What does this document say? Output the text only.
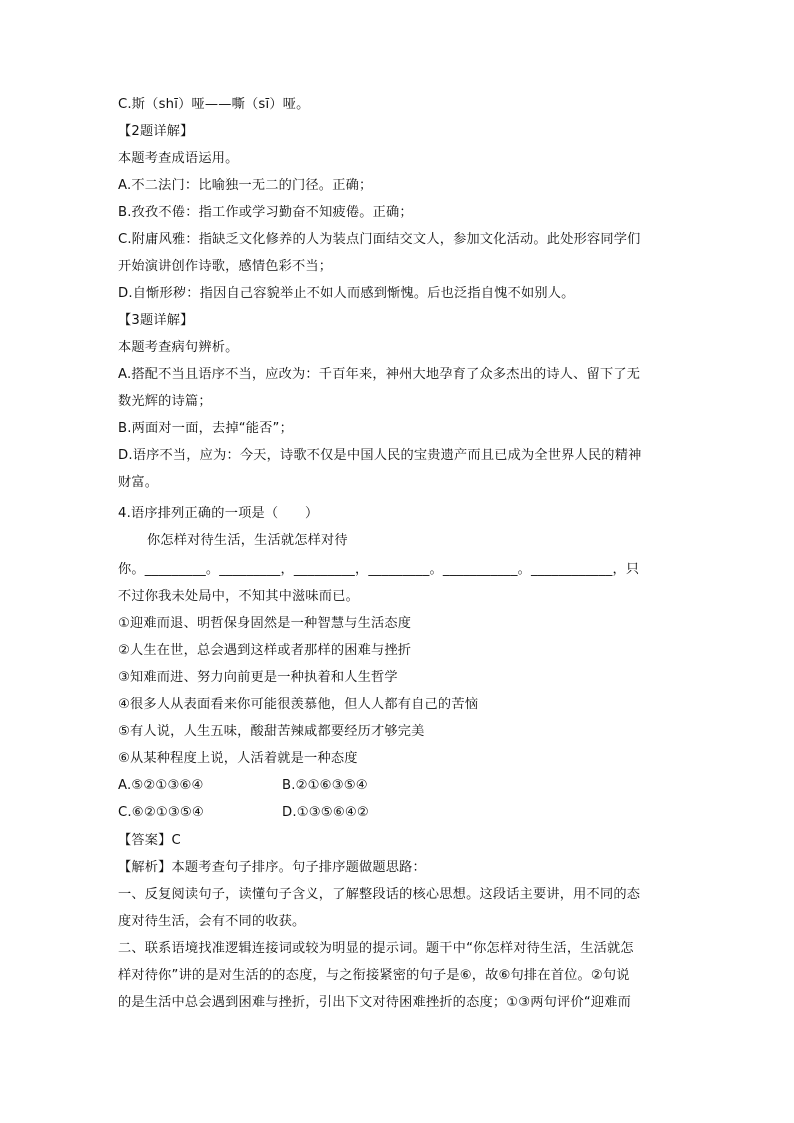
C.斯（shī）哑——嘶（sī）哑。
【2题详解】
本题考查成语运用。
A.不二法门：比喻独一无二的门径。正确；
B.孜孜不倦：指工作或学习勤奋不知疲倦。正确；
C.附庸风雅：指缺乏文化修养的人为装点门面结交文人，参加文化活动。此处形容同学们
开始演讲创作诗歌，感情色彩不当；
D.自惭形秽：指因自己容貌举止不如人而感到惭愧。后也泛指自愧不如别人。
【3题详解】
本题考查病句辨析。
A.搭配不当且语序不当，应改为：千百年来，神州大地孕育了众多杰出的诗人、留下了无
数光辉的诗篇；
B.两面对一面，去掉“能否”；
D.语序不当，应为：今天，诗歌不仅是中国人民的宝贵遗产而且已成为全世界人民的精神
财富。
4.语序排列正确的一项是（　　）
你怎样对待生活，生活就怎样对待
你。_________。_________，_________，_________。___________。____________，只
不过你我未处局中，不知其中滋味而已。
①迎难而退、明哲保身固然是一种智慧与生活态度
②人生在世，总会遇到这样或者那样的困难与挫折
③知难而进、努力向前更是一种执着和人生哲学
④很多人从表面看来你可能很羡慕他，但人人都有自己的苦恼
⑤有人说，人生五味，酸甜苦辣咸都要经历才够完美
⑥从某种程度上说，人活着就是一种态度
A.⑤②①③⑥④	B.②①⑥③⑤④
C.⑥②①③⑤④	D.①③⑤⑥④②
【答案】C
【解析】本题考查句子排序。句子排序题做题思路：
一、反复阅读句子，读懂句子含义，了解整段话的核心思想。这段话主要讲，用不同的态
度对待生活，会有不同的收获。
二、联系语境找准逻辑连接词或较为明显的提示词。题干中“你怎样对待生活，生活就怎
样对待你”讲的是对生活的的态度，与之衔接紧密的句子是⑥，故⑥句排在首位。②句说
的是生活中总会遇到困难与挫折，引出下文对待困难挫折的态度；①③两句评价“迎难而
